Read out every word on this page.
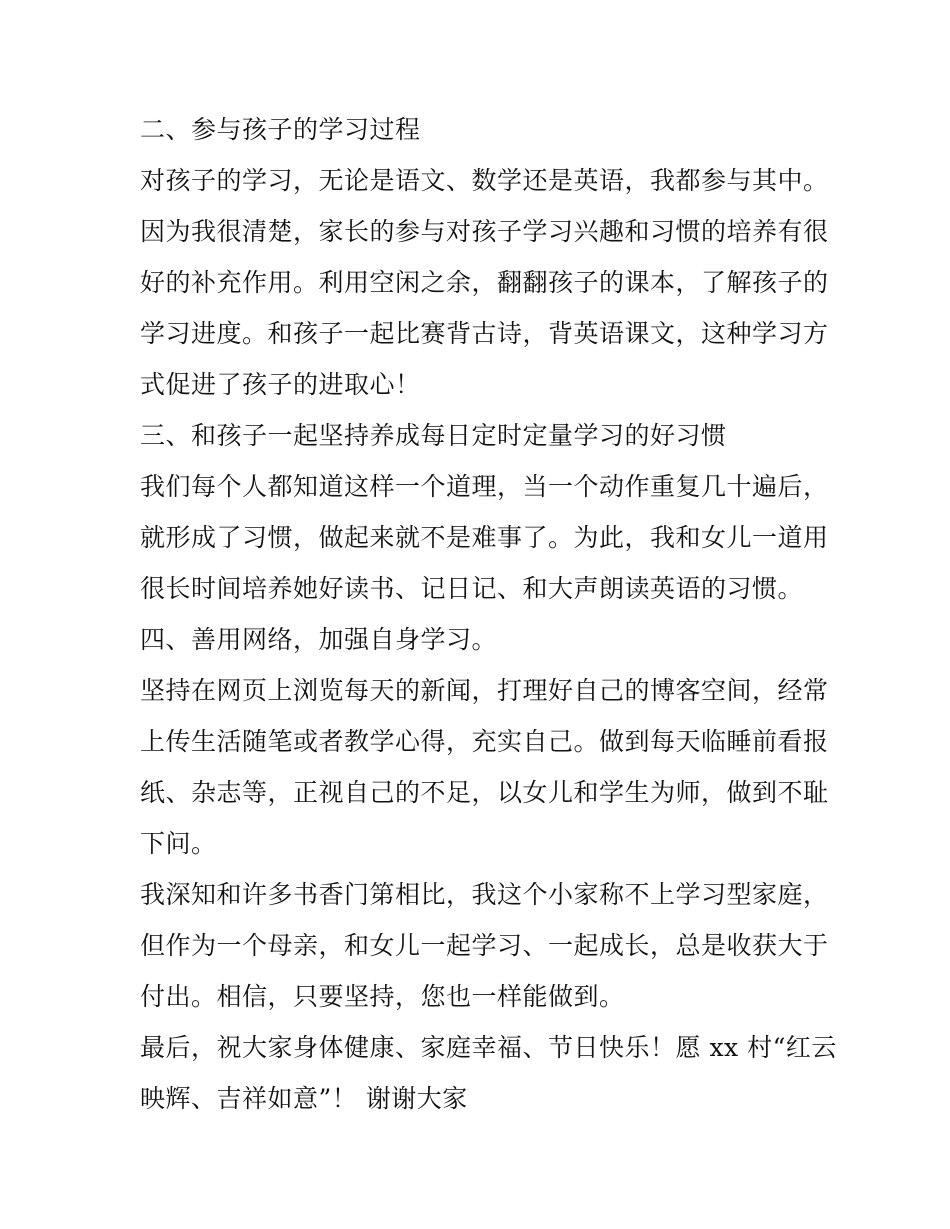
二、参与孩子的学习过程
对孩子的学习，无论是语文、数学还是英语，我都参与其中。
因为我很清楚，家长的参与对孩子学习兴趣和习惯的培养有很
好的补充作用。利用空闲之余，翻翻孩子的课本，了解孩子的
学习进度。和孩子一起比赛背古诗，背英语课文，这种学习方
式促进了孩子的进取心！
三、和孩子一起坚持养成每日定时定量学习的好习惯
我们每个人都知道这样一个道理，当一个动作重复几十遍后，
就形成了习惯，做起来就不是难事了。为此，我和女儿一道用
很长时间培养她好读书、记日记、和大声朗读英语的习惯。
四、善用网络，加强自身学习。
坚持在网页上浏览每天的新闻，打理好自己的博客空间，经常
上传生活随笔或者教学心得，充实自己。做到每天临睡前看报
纸、杂志等，正视自己的不足，以女儿和学生为师，做到不耻
下问。
我深知和许多书香门第相比，我这个小家称不上学习型家庭，
但作为一个母亲，和女儿一起学习、一起成长，总是收获大于
付出。相信，只要坚持，您也一样能做到。
最后，祝大家身体健康、家庭幸福、节日快乐！愿 xx 村“红云
映辉、吉祥如意”！ 谢谢大家
